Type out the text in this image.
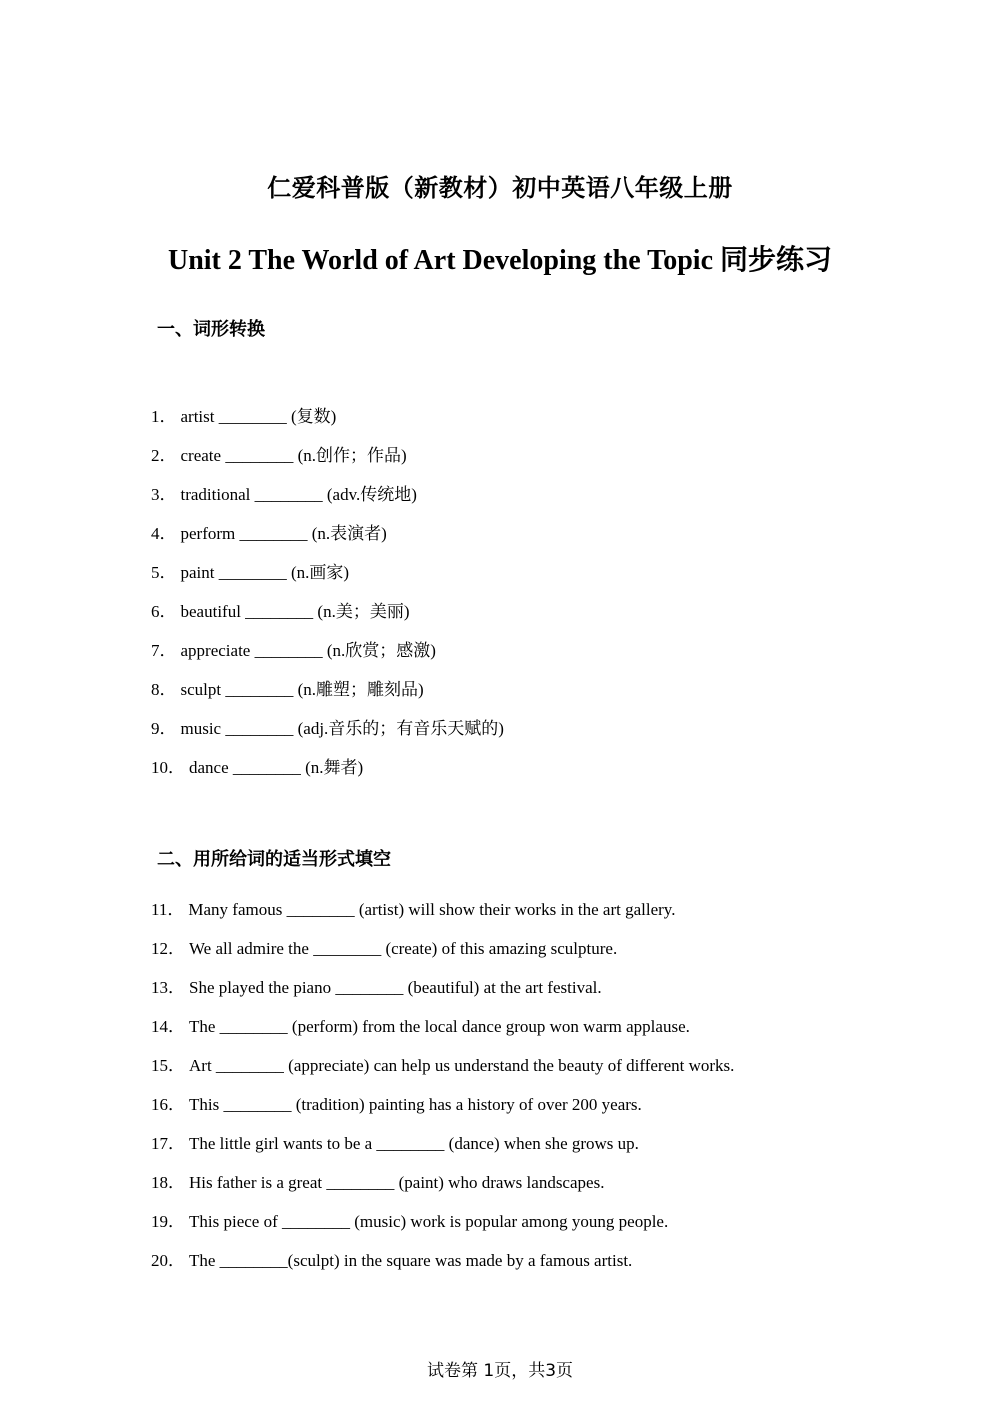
仁爱科普版（新教材）初中英语八年级上册
Unit 2 The World of Art Developing the Topic 同步练习
一、词形转换
1． artist ________ (复数)
2． create ________ (n.创作；作品)
3． traditional ________ (adv.传统地)
4． perform ________ (n.表演者)
5． paint ________ (n.画家)
6． beautiful ________ (n.美；美丽)
7． appreciate ________ (n.欣赏；感激)
8． sculpt ________ (n.雕塑；雕刻品)
9． music ________ (adj.音乐的；有音乐天赋的)
10． dance ________ (n.舞者)
二、用所给词的适当形式填空
11． Many famous ________ (artist) will show their works in the art gallery.
12． We all admire the ________ (create) of this amazing sculpture.
13． She played the piano ________ (beautiful) at the art festival.
14． The ________ (perform) from the local dance group won warm applause.
15． Art ________ (appreciate) can help us understand the beauty of different works.
16． This ________ (tradition) painting has a history of over 200 years.
17． The little girl wants to be a ________ (dance) when she grows up.
18． His father is a great ________ (paint) who draws landscapes.
19． This piece of ________ (music) work is popular among young people.
20． The ________(sculpt) in the square was made by a famous artist.
试卷第 1页，共3页
